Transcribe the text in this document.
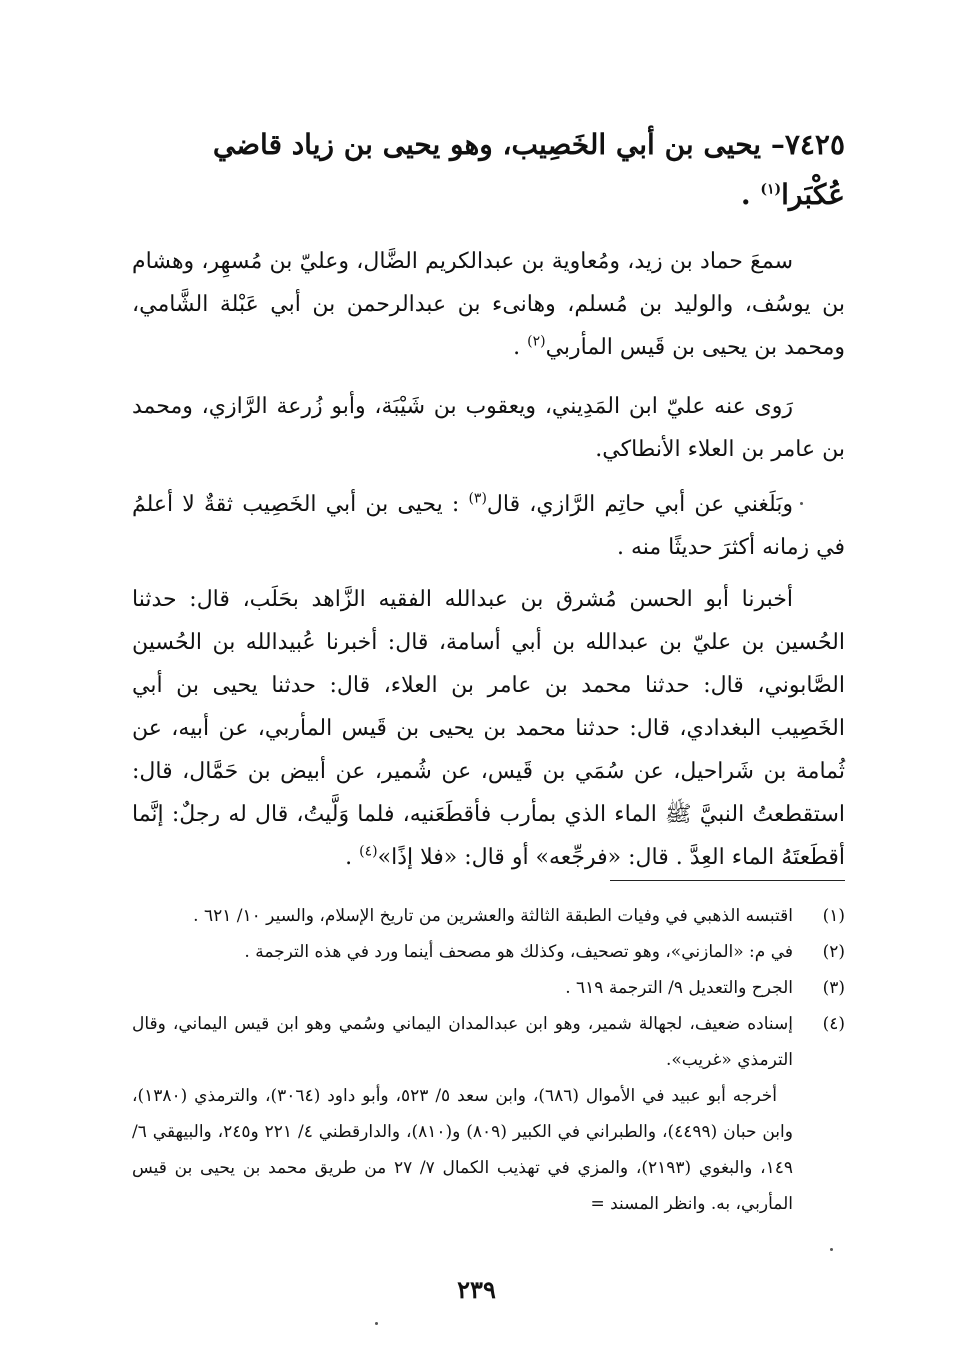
٧٤٢٥– يحيى بن أبي الخَصِيب، وهو يحيى بن زياد قاضي
عُكْبَرا$^{(١)}$ .
سمعَ حماد بن زيد، ومُعاوية بن عبدالكريم الضَّال، وعليّ بن مُسهِر، وهشام بن يوسُف، والوليد بن مُسلم، وهانىء بن عبدالرحمن بن أبي عَبْلة الشَّامي، ومحمد بن يحيى بن قَيس المأربي$^{(٢)}$ .
رَوى عنه عليّ ابن المَدِيني، ويعقوب بن شَيْبَة، وأبو زُرعة الرَّازي، ومحمد بن عامر بن العلاء الأنطاكي.
وبَلَغني عن أبي حاتِم الرَّازي، قال$^{(٣)}$ : يحيى بن أبي الخَصِيب ثقةٌ لا أعلمُ في زمانه أكثرَ حديثًا منه .
أخبرنا أبو الحسن مُشرق بن عبدالله الفقيه الزَّاهد بحَلَب، قال: حدثنا الحُسين بن عليّ بن عبدالله بن أبي أسامة، قال: أخبرنا عُبيدالله بن الحُسين الصَّابوني، قال: حدثنا محمد بن عامر بن العلاء، قال: حدثنا يحيى بن أبي الخَصِيب البغدادي، قال: حدثنا محمد بن يحيى بن قَيس المأربي، عن أبيه، عن ثُمامة بن شَراحيل، عن سُمَي بن قَيس، عن شُمير، عن أبيض بن حَمَّال، قال: استقطعتُ النبيَّ ﷺ الماء الذي بمأرب فأقطَعَنيه، فلما وَلَّيتُ، قال له رجلٌ: إنَّما أقطَعتَهُ الماء العِدَّ . قال: «فرجِّعه» أو قال: «فلا إذًا»$^{(٤)}$ .
(١)
اقتبسه الذهبي في وفيات الطبقة الثالثة والعشرين من تاريخ الإسلام، والسير ١٠/ ٦٢١ .
(٢)
في م: «المازني»، وهو تصحيف، وكذلك هو مصحف أينما ورد في هذه الترجمة .
(٣)
الجرح والتعديل ٩/ الترجمة ٦١٩ .
(٤)
إسناده ضعيف، لجهالة شمير، وهو ابن عبدالمدان اليماني وسُمي وهو ابن قيس اليماني، وقال الترمذي «غريب».
أخرجه أبو عبيد في الأموال (٦٨٦)، وابن سعد ٥/ ٥٢٣، وأبو داود (٣٠٦٤)، والترمذي (١٣٨٠)، وابن حبان (٤٤٩٩)، والطبراني في الكبير (٨٠٩) و(٨١٠)، والدارقطني ٤/ ٢٢١ و٢٤٥، والبيهقي ٦/ ١٤٩، والبغوي (٢١٩٣)، والمزي في تهذيب الكمال ٧/ ٢٧ من طريق محمد بن يحيى بن قيس المأربي، به. وانظر المسند =
٢٣٩
